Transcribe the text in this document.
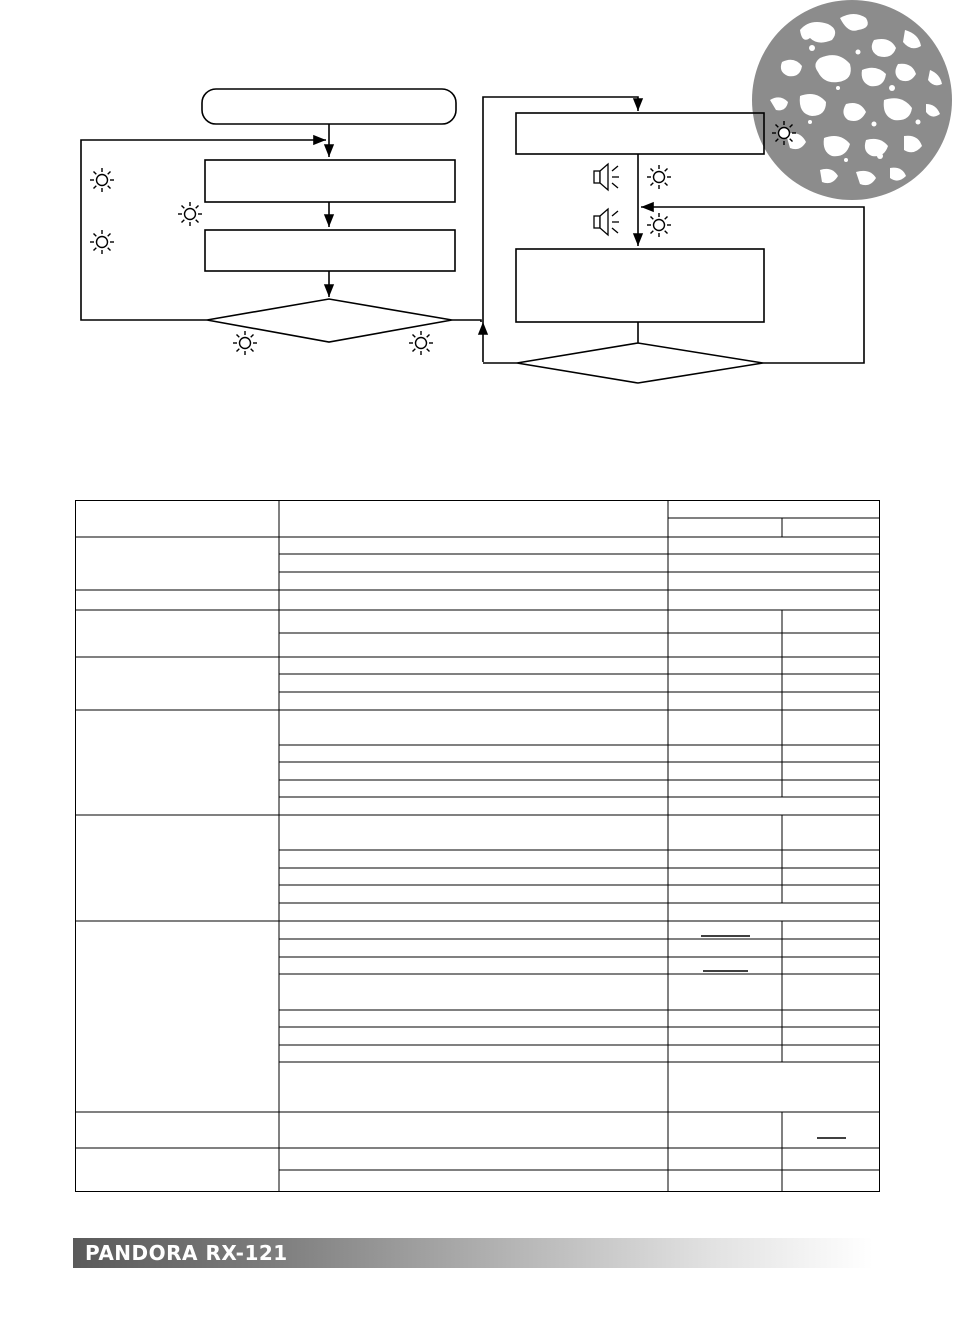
PANDORA RX-121
